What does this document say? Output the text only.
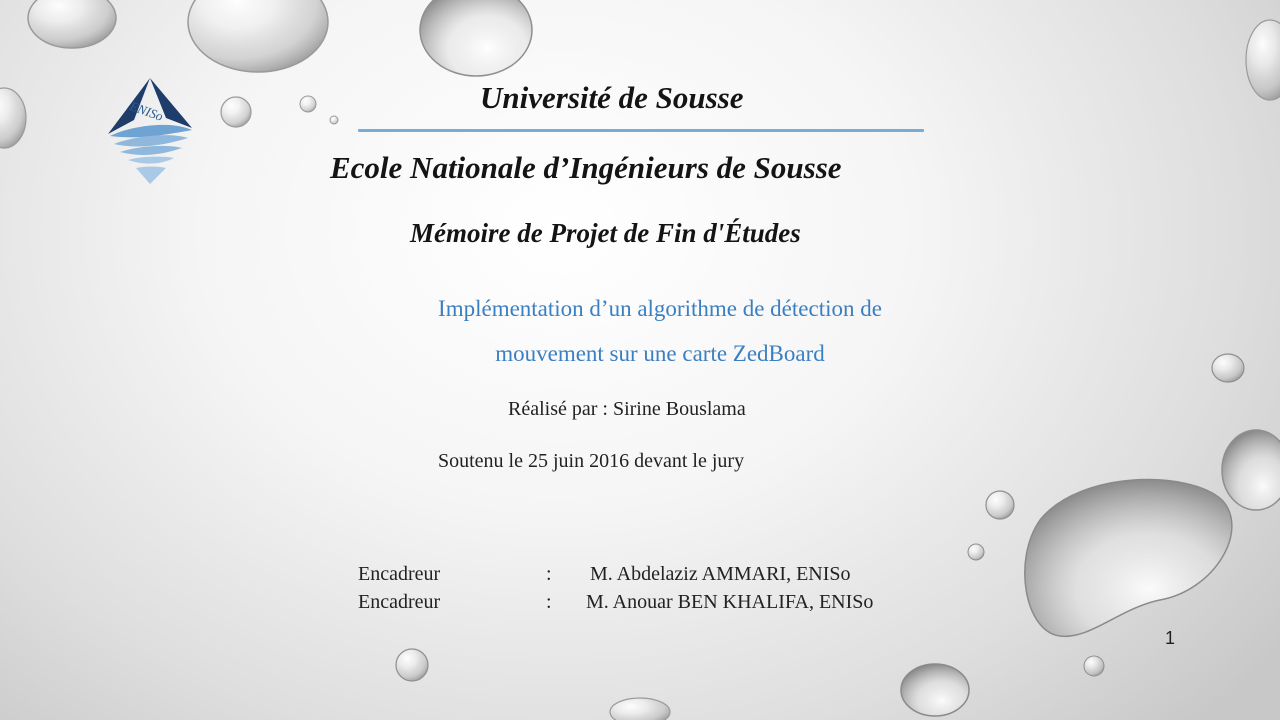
ENISo	Université de Sousse
Ecole Nationale d’Ingénieurs de Sousse
Mémoire de Projet de Fin d'Études
Implémentation d’un algorithme de détection de
mouvement sur une carte ZedBoard
Réalisé par : Sirine Bouslama
Soutenu le 25 juin 2016 devant le jury
Encadreur	: M. Abdelaziz AMMARI, ENISo
Encadreur	: M. Anouar BEN KHALIFA, ENISo
1
